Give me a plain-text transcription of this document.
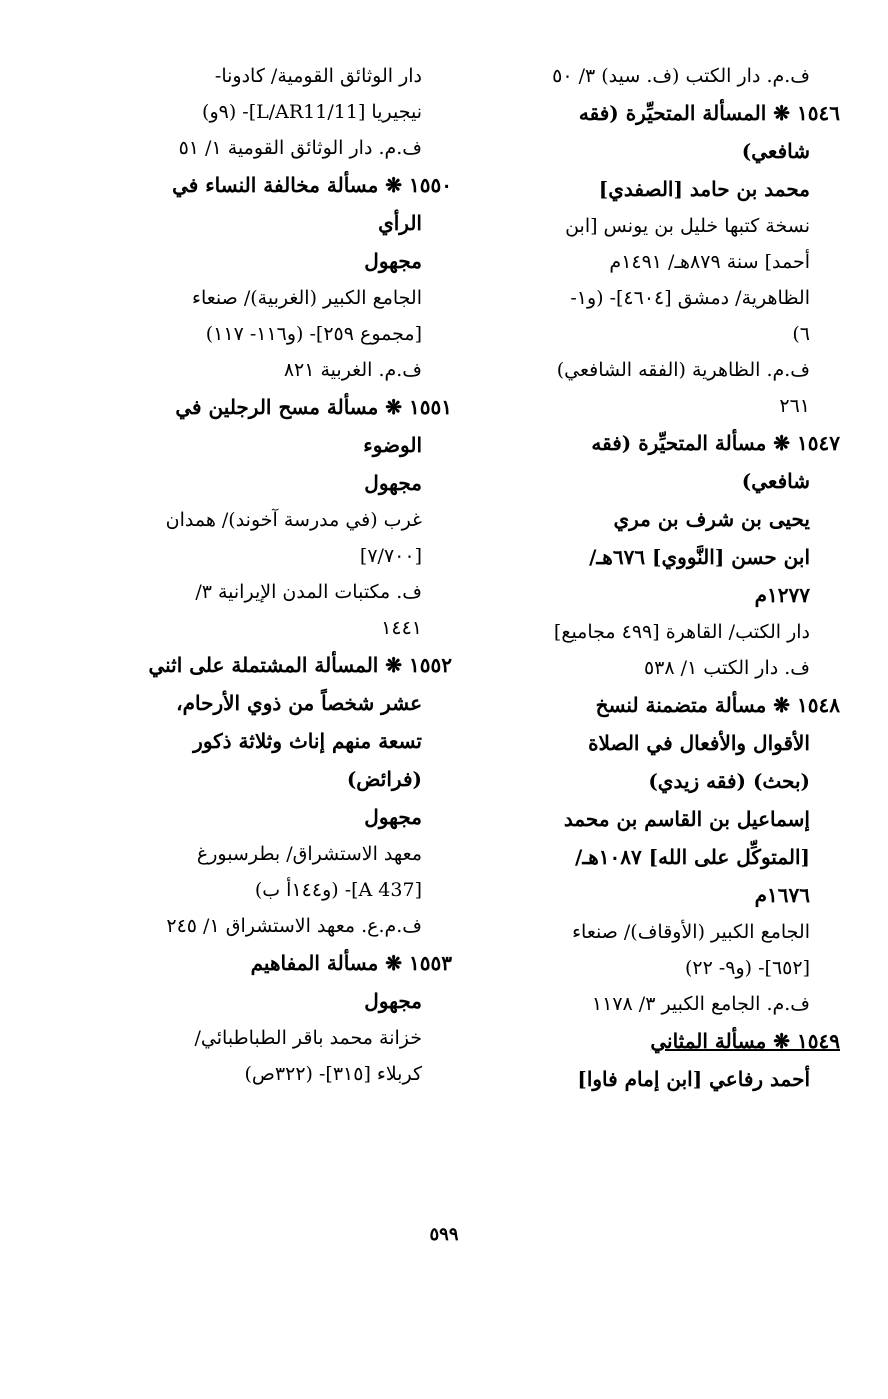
ف.م. دار الكتب (ف. سيد) ٣/ ٥٠
١٥٤٦ ❋ المسألة المتحيِّرة (فقه
شافعي)
محمد بن حامد [الصفدي]
نسخة كتبها خليل بن يونس [ابن
أحمد] سنة ٨٧٩هـ/ ١٤٩١م
الظاهرية/ دمشق [٤٦٠٤]- (و١-
٦)
ف.م. الظاهرية (الفقه الشافعي)
٢٦١
١٥٤٧ ❋ مسألة المتحيِّرة (فقه
شافعي)
يحيى بن شرف بن مري
ابن حسن [النَّووي] ٦٧٦هـ/
١٢٧٧م
دار الكتب/ القاهرة [٤٩٩ مجاميع]
ف. دار الكتب ١/ ٥٣٨
١٥٤٨ ❋ مسألة متضمنة لنسخ
الأقوال والأفعال في الصلاة
(بحث) (فقه زيدي)
إسماعيل بن القاسم بن محمد
[المتوكِّل على الله] ١٠٨٧هـ/
١٦٧٦م
الجامع الكبير (الأوقاف)/ صنعاء
[٦٥٢]- (و٩- ٢٢)
ف.م. الجامع الكبير ٣/ ١١٧٨
١٥٤٩ ❋ مسألة المثاني
أحمد رفاعي [ابن إمام فاوا]
دار الوثائق القومية/ كادونا-
نيجيريا [L/AR11/11]- (٩و)
ف.م. دار الوثائق القومية ١/ ٥١
١٥٥٠ ❋ مسألة مخالفة النساء في
الرأي
مجهول
الجامع الكبير (الغربية)/ صنعاء
[مجموع ٢٥٩]- (و١١٦- ١١٧)
ف.م. الغربية ٨٢١
١٥٥١ ❋ مسألة مسح الرجلين في
الوضوء
مجهول
غرب (في مدرسة آخوند)/ همدان
[٧/٧٠٠]
ف. مكتبات المدن الإيرانية ٣/
١٤٤١
١٥٥٢ ❋ المسألة المشتملة على اثني
عشر شخصاً من ذوي الأرحام،
تسعة منهم إناث وثلاثة ذكور
(فرائض)
مجهول
معهد الاستشراق/ بطرسبورغ
[A 437]- (و١٤٤أ ب)
ف.م.ع. معهد الاستشراق ١/ ٢٤٥
١٥٥٣ ❋ مسألة المفاهيم
مجهول
خزانة محمد باقر الطباطبائي/
كربلاء [٣١٥]- (٣٢٢ص)
٥٩٩
